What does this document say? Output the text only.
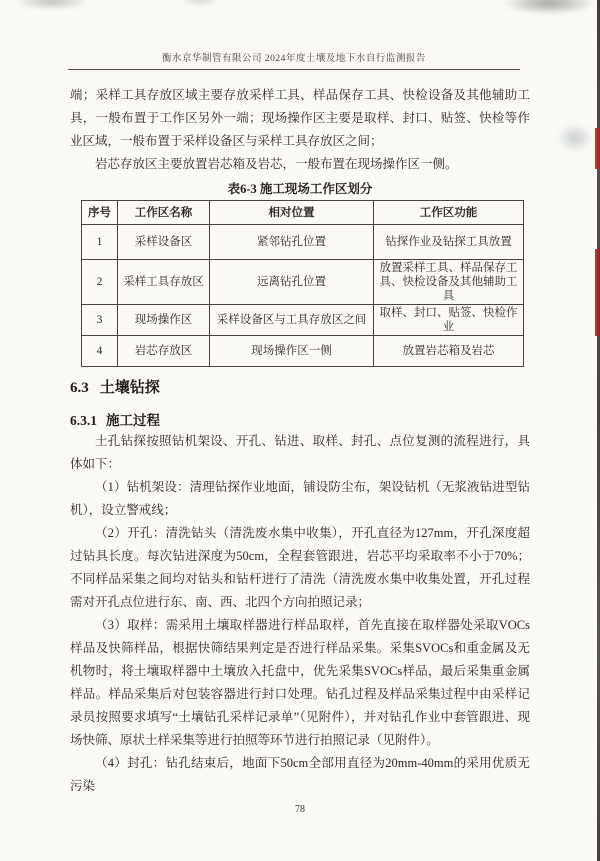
衡水京华制管有限公司 2024年度土壤及地下水自行监测报告

端；采样工具存放区域主要存放采样工具、样品保存工具、快检设备及其他辅助工具，一般布置于工作区另外一端；现场操作区主要是取样、封口、贴签、快检等作业区域，一般布置于采样设备区与采样工具存放区之间；

岩芯存放区主要放置岩芯箱及岩芯，一般布置在现场操作区一侧。

表6-3 施工现场工作区划分
序号	工作区名称	相对位置	工作区功能
1	采样设备区	紧邻钻孔位置	钻探作业及钻探工具放置
2	采样工具存放区	远离钻孔位置	放置采样工具、样品保存工具、快检设备及其他辅助工具
3	现场操作区	采样设备区与工具存放区之间	取样、封口、贴签、快检作业
4	岩芯存放区	现场操作区一侧	放置岩芯箱及岩芯
6.3 土壤钻探
6.3.1 施工过程

土孔钻探按照钻机架设、开孔、钻进、取样、封孔、点位复测的流程进行，具体如下：

（1）钻机架设：清理钻探作业地面，铺设防尘布，架设钻机（无浆液钻进型钻机），设立警戒线；

（2）开孔：清洗钻头（清洗废水集中收集），开孔直径为127mm，开孔深度超过钻具长度。每次钻进深度为50cm，全程套管跟进，岩芯平均采取率不小于70%；不同样品采集之间均对钻头和钻杆进行了清洗（清洗废水集中收集处置，开孔过程需对开孔点位进行东、南、西、北四个方向拍照记录；

（3）取样：需采用土壤取样器进行样品取样，首先直接在取样器处采取VOCs样品及快筛样品，根据快筛结果判定是否进行样品采集。采集SVOCs和重金属及无机物时，将土壤取样器中土壤放入托盘中，优先采集SVOCs样品，最后采集重金属样品。样品采集后对包装容器进行封口处理。钻孔过程及样品采集过程中由采样记录员按照要求填写“土壤钻孔采样记录单”（见附件），并对钻孔作业中套管跟进、现场快筛、原状土样采集等进行拍照等环节进行拍照记录（见附件）。

（4）封孔：钻孔结束后，地面下50cm全部用直径为20mm-40mm的采用优质无污染

78
